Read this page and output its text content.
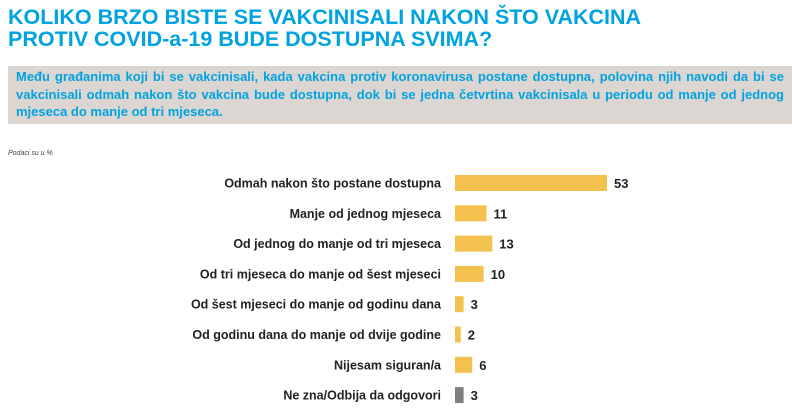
KOLIKO BRZO BISTE SE VAKCINISALI NAKON ŠTO VAKCINA
PROTIV COVID-a-19 BUDE DOSTUPNA SVIMA?
Među građanima koji bi se vakcinisali, kada vakcina protiv koronavirusa postane dostupna, polovina njih navodi da bi se vakcinisali odmah nakon što vakcina bude dostupna, dok bi se jedna četvrtina vakcinisala u periodu od manje od jednog mjeseca do manje od tri mjeseca.
Podaci su u %
Odmah nakon što postane dostupna	53
Manje od jednog mjeseca	11
Od jednog do manje od tri mjeseca	13
Od tri mjeseca do manje od šest mjeseci	10
Od šest mjeseci do manje od godinu dana 3
Od godinu dana do manje od dvije godine 2
Nijesam siguran/a	6
Ne zna/Odbija da odgovori 3
